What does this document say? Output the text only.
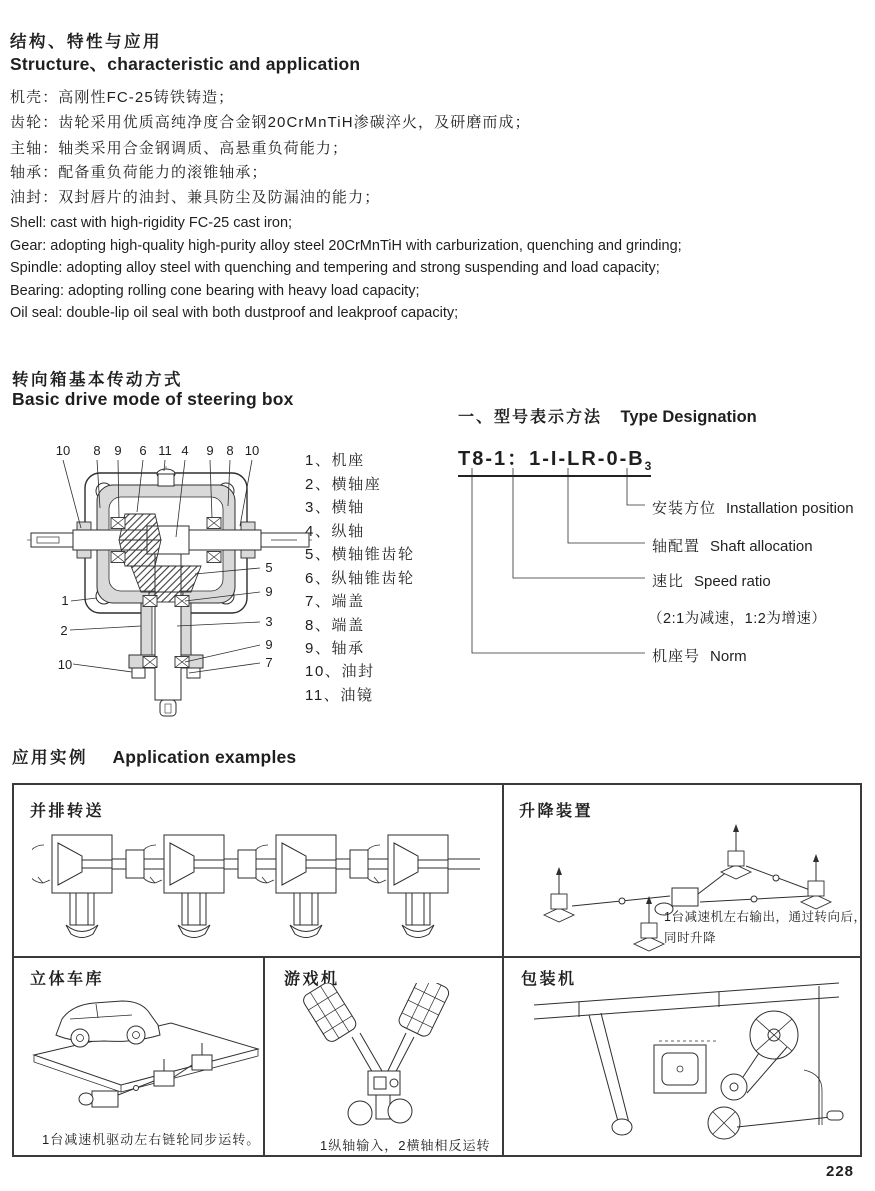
结构、特性与应用
Structure、characteristic and application
机壳：高刚性FC-25铸铁铸造；
齿轮：齿轮采用优质高纯净度合金钢20CrMnTiH渗碳淬火，及研磨而成；
主轴：轴类采用合金钢调质、高悬重负荷能力；
轴承：配备重负荷能力的滚锥轴承；
油封：双封唇片的油封、兼具防尘及防漏油的能力；
Shell: cast with high-rigidity FC-25 cast iron;
Gear: adopting high-quality high-purity alloy steel 20CrMnTiH with carburization, quenching and grinding;
Spindle: adopting alloy steel with quenching and tempering and strong suspending and load capacity;
Bearing: adopting rolling cone bearing with heavy load capacity;
Oil seal: double-lip oil seal with both dustproof and leakproof capacity;
转向箱基本传动方式
Basic drive mode of steering box
10 8 9 6 11 4 9 8 10
1
2
10
5
9
3
9
7
1、机座
2、横轴座
3、横轴
4、纵轴
5、横轴锥齿轮
6、纵轴锥齿轮
7、端盖
8、端盖
9、轴承
10、油封
11、油镜
一、型号表示方法 Type Designation
T8-1：$1-I-LR-0-B_3$
安装方位 Installation position
轴配置 Shaft allocation
速比 Speed ratio
（2:1为减速，1:2为增速）
机座号 Norm
应用实例 Application examples
并排转送	升降装置
立体车库	游戏机	包装机
1台减速机左右输出，通过转向后，
同时升降
1台减速机驱动左右链轮同步运转。	1纵轴输入，2横轴相反运转
228
